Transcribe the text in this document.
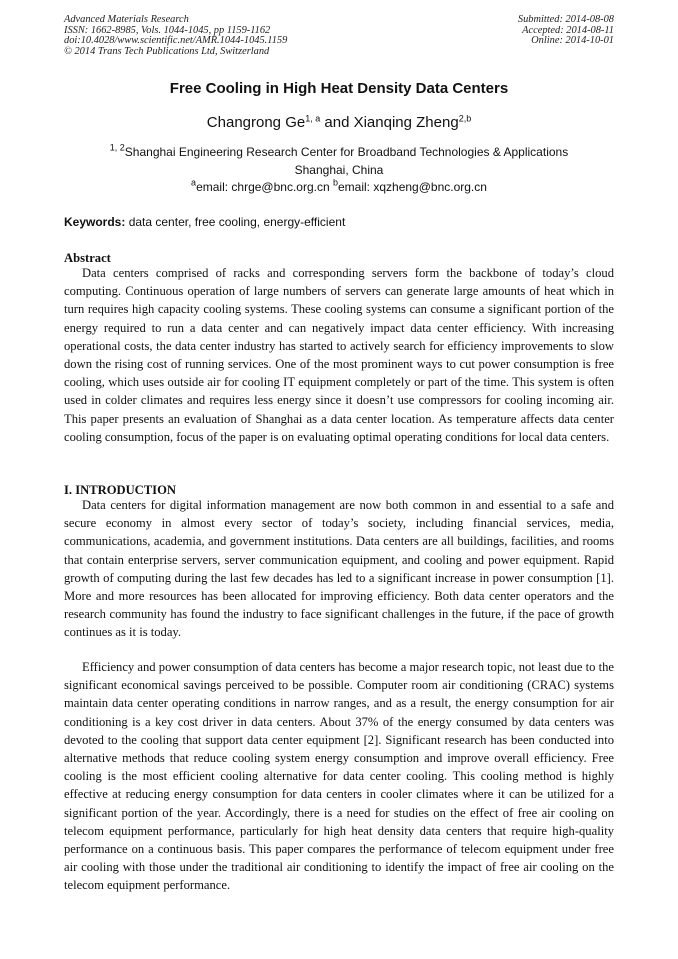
Advanced Materials Research
ISSN: 1662-8985, Vols. 1044-1045, pp 1159-1162
doi:10.4028/www.scientific.net/AMR.1044-1045.1159
© 2014 Trans Tech Publications Ltd, Switzerland
Submitted: 2014-08-08
Accepted: 2014-08-11
Online: 2014-10-01
Free Cooling in High Heat Density Data Centers
Changrong Ge$^{1, a}$ and Xianqing Zheng$^{2,b}$
$^{1, 2}$Shanghai Engineering Research Center for Broadband Technologies & Applications
Shanghai, China
$^a$email: chrge@bnc.org.cn $^b$email: xqzheng@bnc.org.cn
Keywords: data center, free cooling, energy-efficient
Abstract

Data centers comprised of racks and corresponding servers form the backbone of today’s cloud computing. Continuous operation of large numbers of servers can generate large amounts of heat which in turn requires high capacity cooling systems. These cooling systems can consume a significant portion of the energy required to run a data center and can negatively impact data center efficiency. With increasing operational costs, the data center industry has started to actively search for efficiency improvements to slow down the rising cost of running services. One of the most prominent ways to cut power consumption is free cooling, which uses outside air for cooling IT equipment completely or part of the time. This system is often used in colder climates and requires less energy since it doesn’t use compressors for cooling incoming air. This paper presents an evaluation of Shanghai as a data center location. As temperature affects data center cooling consumption, focus of the paper is on evaluating optimal operating conditions for local data centers.

I. INTRODUCTION

Data centers for digital information management are now both common in and essential to a safe and secure economy in almost every sector of today’s society, including financial services, media, communications, academia, and government institutions. Data centers are all buildings, facilities, and rooms that contain enterprise servers, server communication equipment, and cooling and power equipment. Rapid growth of computing during the last few decades has led to a significant increase in power consumption [1]. More and more resources has been allocated for improving efficiency. Both data center operators and the research community has found the industry to face significant challenges in the future, if the pace of growth continues as it is today.

Efficiency and power consumption of data centers has become a major research topic, not least due to the significant economical savings perceived to be possible. Computer room air conditioning (CRAC) systems maintain data center operating conditions in narrow ranges, and as a result, the energy consumption for air conditioning is a key cost driver in data centers. About 37% of the energy consumed by data centers was devoted to the cooling that support data center equipment [2]. Significant research has been conducted into alternative methods that reduce cooling system energy consumption and improve overall efficiency. Free cooling is the most efficient cooling alternative for data center cooling. This cooling method is highly effective at reducing energy consumption for data centers in cooler climates where it can be utilized for a significant portion of the year. Accordingly, there is a need for studies on the effect of free air cooling on telecom equipment performance, particularly for high heat density data centers that require high-quality performance on a continuous basis. This paper compares the performance of telecom equipment under free air cooling with those under the traditional air conditioning to identify the impact of free air cooling on the telecom equipment performance.
